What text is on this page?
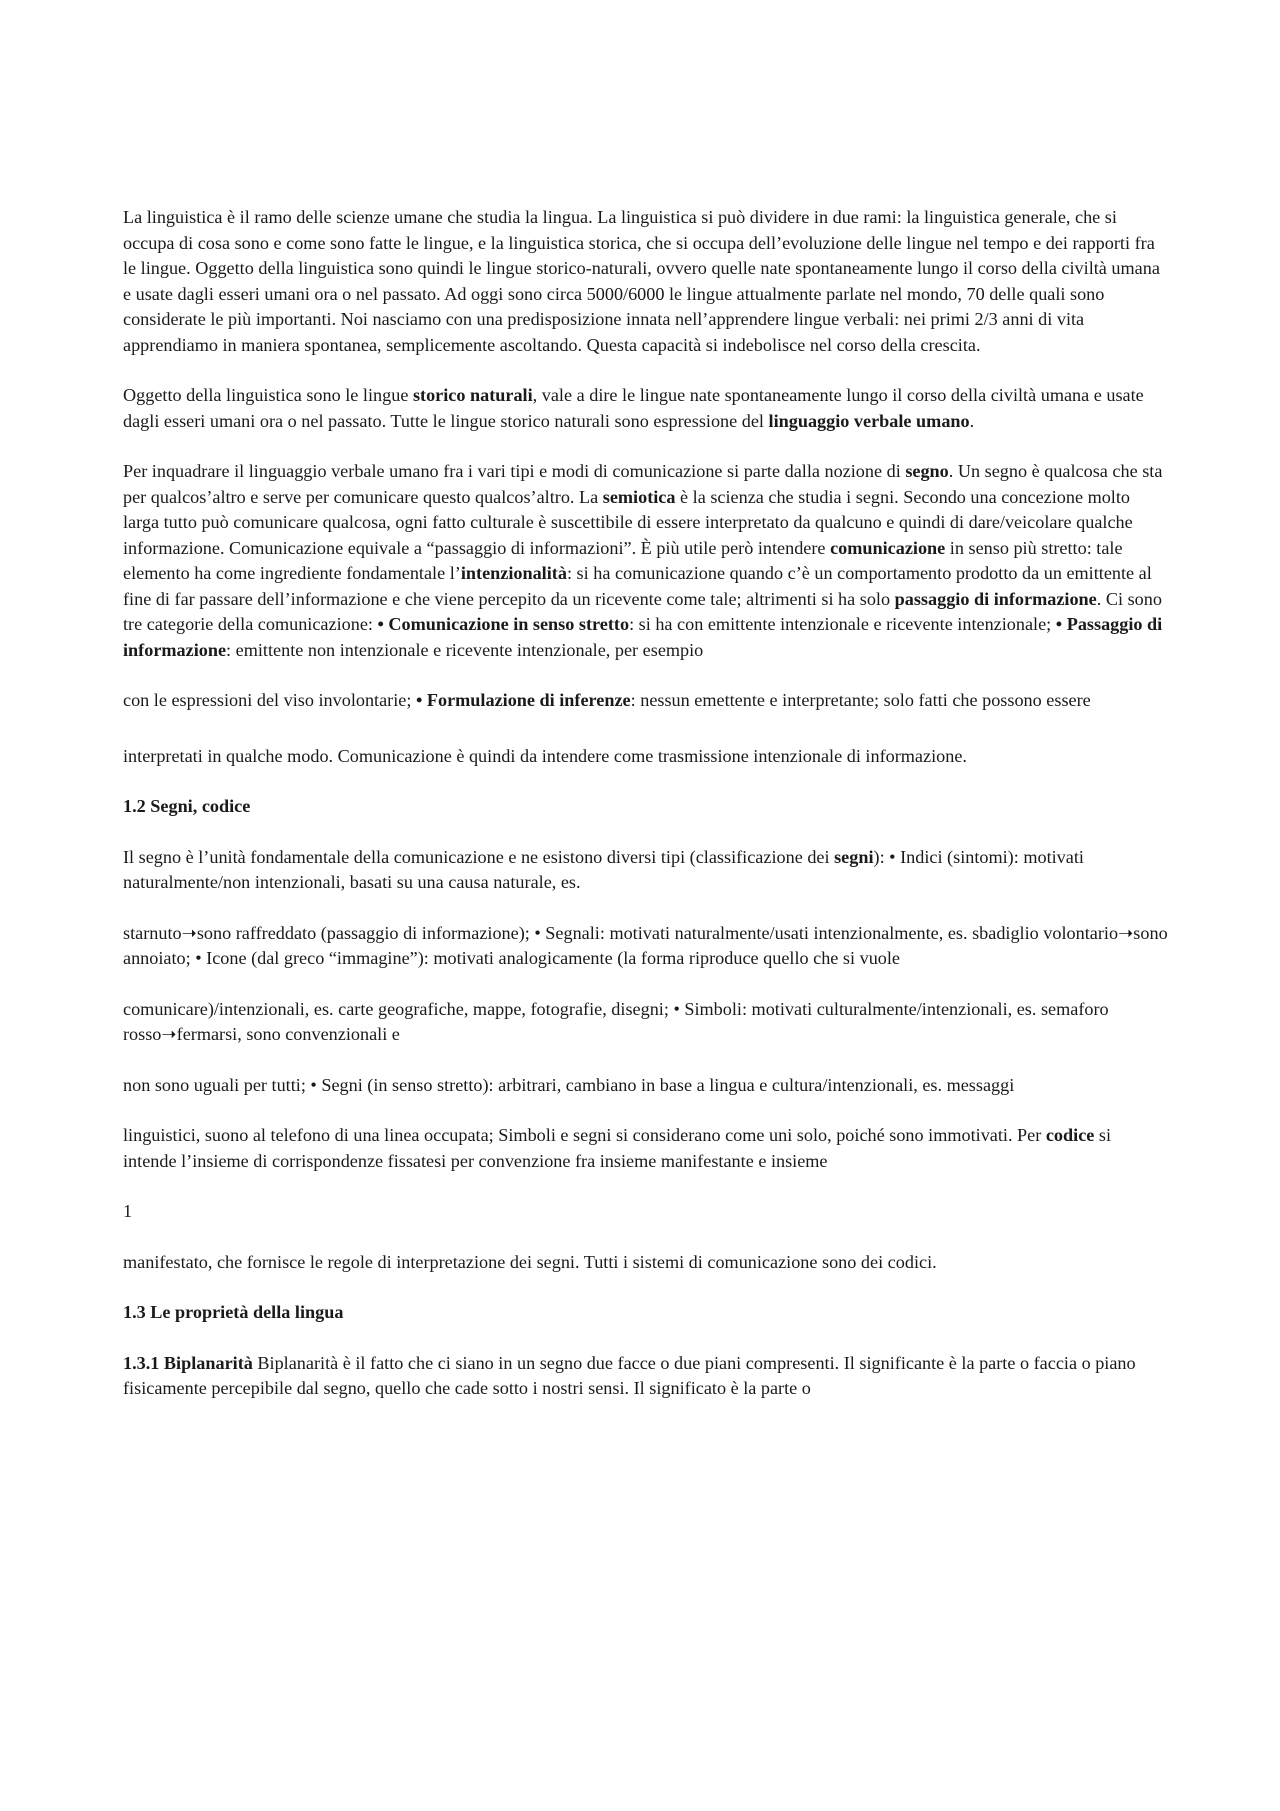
La linguistica è il ramo delle scienze umane che studia la lingua. La linguistica si può dividere in due rami: la linguistica generale, che si occupa di cosa sono e come sono fatte le lingue, e la linguistica storica, che si occupa dell’evoluzione delle lingue nel tempo e dei rapporti fra le lingue. Oggetto della linguistica sono quindi le lingue storico-naturali, ovvero quelle nate spontaneamente lungo il corso della civiltà umana e usate dagli esseri umani ora o nel passato. Ad oggi sono circa 5000/6000 le lingue attualmente parlate nel mondo, 70 delle quali sono considerate le più importanti. Noi nasciamo con una predisposizione innata nell’apprendere lingue verbali: nei primi 2/3 anni di vita apprendiamo in maniera spontanea, semplicemente ascoltando. Questa capacità si indebolisce nel corso della crescita.

Oggetto della linguistica sono le lingue storico naturali, vale a dire le lingue nate spontaneamente lungo il corso della civiltà umana e usate dagli esseri umani ora o nel passato. Tutte le lingue storico naturali sono espressione del linguaggio verbale umano.

Per inquadrare il linguaggio verbale umano fra i vari tipi e modi di comunicazione si parte dalla nozione di segno. Un segno è qualcosa che sta per qualcos’altro e serve per comunicare questo qualcos’altro. La semiotica è la scienza che studia i segni. Secondo una concezione molto larga tutto può comunicare qualcosa, ogni fatto culturale è suscettibile di essere interpretato da qualcuno e quindi di dare/veicolare qualche informazione. Comunicazione equivale a “passaggio di informazioni”. È più utile però intendere comunicazione in senso più stretto: tale elemento ha come ingrediente fondamentale l’intenzionalità: si ha comunicazione quando c’è un comportamento prodotto da un emittente al fine di far passare dell’informazione e che viene percepito da un ricevente come tale; altrimenti si ha solo passaggio di informazione. Ci sono tre categorie della comunicazione: • Comunicazione in senso stretto: si ha con emittente intenzionale e ricevente intenzionale; • Passaggio di informazione: emittente non intenzionale e ricevente intenzionale, per esempio

con le espressioni del viso involontarie; • Formulazione di inferenze: nessun emettente e interpretante; solo fatti che possono essere

interpretati in qualche modo. Comunicazione è quindi da intendere come trasmissione intenzionale di informazione.

1.2 Segni, codice

Il segno è l’unità fondamentale della comunicazione e ne esistono diversi tipi (classificazione dei segni): • Indici (sintomi): motivati naturalmente/non intenzionali, basati su una causa naturale, es.

starnuto➝sono raffreddato (passaggio di informazione); • Segnali: motivati naturalmente/usati intenzionalmente, es. sbadiglio volontario➝sono annoiato; • Icone (dal greco “immagine”): motivati analogicamente (la forma riproduce quello che si vuole

comunicare)/intenzionali, es. carte geografiche, mappe, fotografie, disegni; • Simboli: motivati culturalmente/intenzionali, es. semaforo rosso➝fermarsi, sono convenzionali e

non sono uguali per tutti; • Segni (in senso stretto): arbitrari, cambiano in base a lingua e cultura/intenzionali, es. messaggi

linguistici, suono al telefono di una linea occupata; Simboli e segni si considerano come uni solo, poiché sono immotivati. Per codice si intende l’insieme di corrispondenze fissatesi per convenzione fra insieme manifestante e insieme

1

manifestato, che fornisce le regole di interpretazione dei segni. Tutti i sistemi di comunicazione sono dei codici.

1.3 Le proprietà della lingua

1.3.1 Biplanarità Biplanarità è il fatto che ci siano in un segno due facce o due piani compresenti. Il significante è la parte o faccia o piano fisicamente percepibile dal segno, quello che cade sotto i nostri sensi. Il significato è la parte o
